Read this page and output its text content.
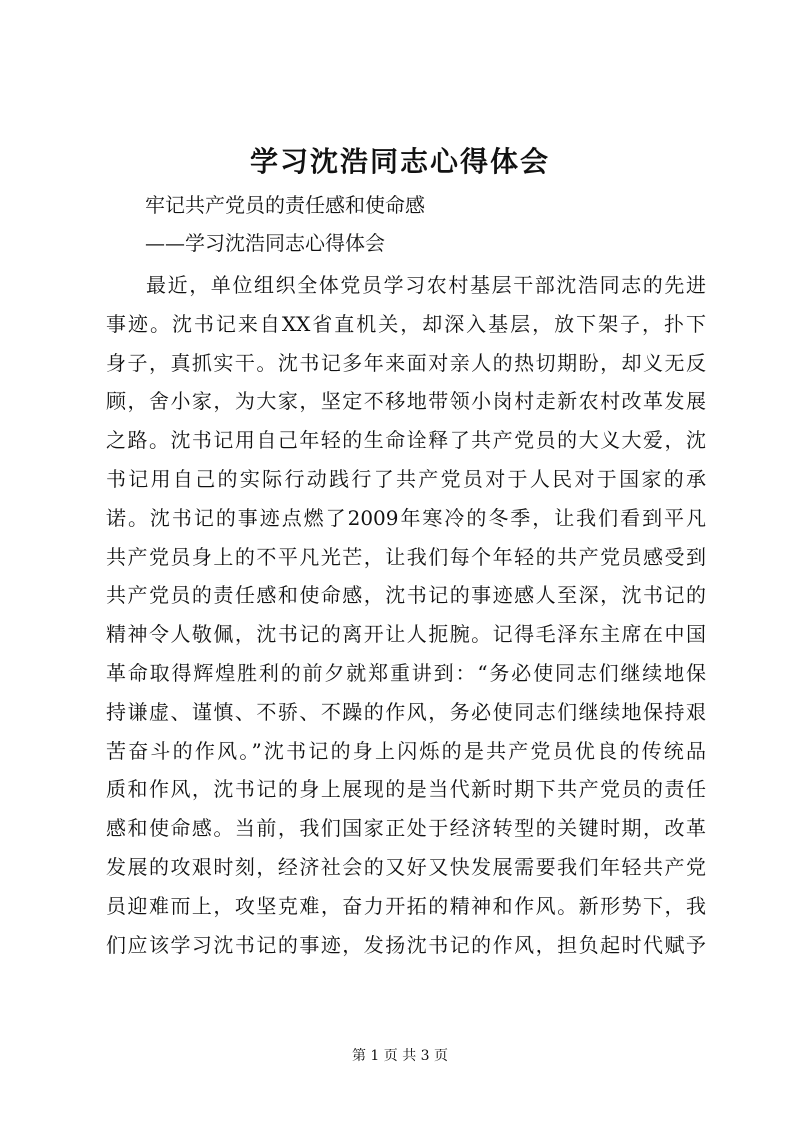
学习沈浩同志心得体会
牢记共产党员的责任感和使命感
——学习沈浩同志心得体会
最近，单位组织全体党员学习农村基层干部沈浩同志的先进
事迹。沈书记来自XX省直机关，却深入基层，放下架子，扑下
身子，真抓实干。沈书记多年来面对亲人的热切期盼，却义无反
顾，舍小家，为大家，坚定不移地带领小岗村走新农村改革发展
之路。沈书记用自己年轻的生命诠释了共产党员的大义大爱，沈
书记用自己的实际行动践行了共产党员对于人民对于国家的承
诺。沈书记的事迹点燃了2009年寒冷的冬季，让我们看到平凡
共产党员身上的不平凡光芒，让我们每个年轻的共产党员感受到
共产党员的责任感和使命感，沈书记的事迹感人至深，沈书记的
精神令人敬佩，沈书记的离开让人扼腕。记得毛泽东主席在中国
革命取得辉煌胜利的前夕就郑重讲到：“务必使同志们继续地保
持谦虚、谨慎、不骄、不躁的作风，务必使同志们继续地保持艰
苦奋斗的作风。”沈书记的身上闪烁的是共产党员优良的传统品
质和作风，沈书记的身上展现的是当代新时期下共产党员的责任
感和使命感。当前，我们国家正处于经济转型的关键时期，改革
发展的攻艰时刻，经济社会的又好又快发展需要我们年轻共产党
员迎难而上，攻坚克难，奋力开拓的精神和作风。新形势下，我
们应该学习沈书记的事迹，发扬沈书记的作风，担负起时代赋予
第 1 页 共 3 页
